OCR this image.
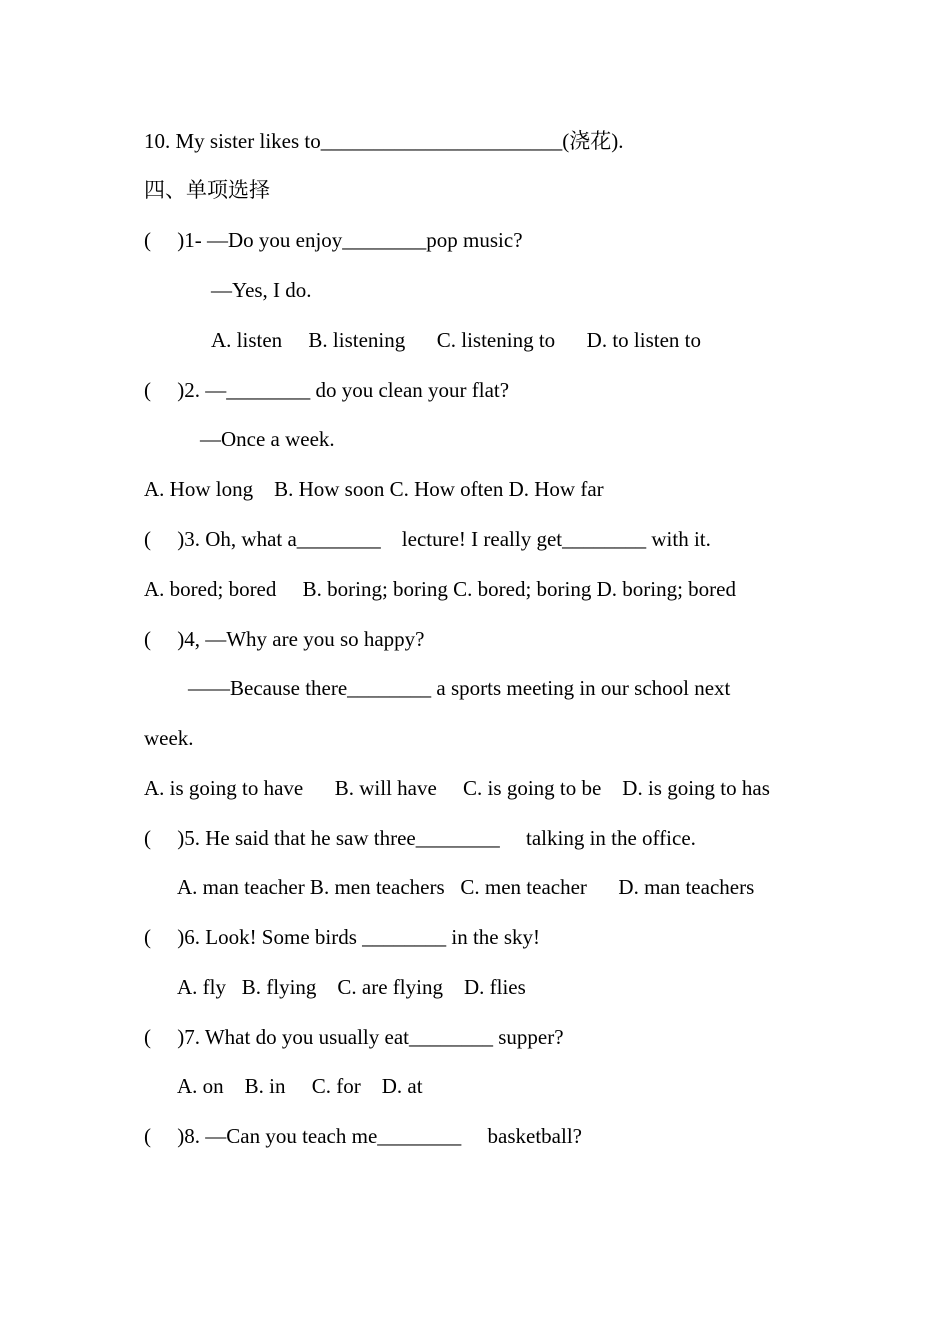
10. My sister likes to_______________________(浇花).
四、单项选择
(     )1- —Do you enjoy________pop music?
—Yes, I do.
A. listen     B. listening      C. listening to      D. to listen to
(     )2. —________ do you clean your flat?
—Once a week.
A. How long    B. How soon C. How often D. How far
(     )3. Oh, what a________    lecture! I really get________ with it.
A. bored; bored     B. boring; boring C. bored; boring D. boring; bored
(     )4, —Why are you so happy?
——Because there________ a sports meeting in our school next
week.
A. is going to have      B. will have     C. is going to be    D. is going to has
(     )5. He said that he saw three________     talking in the office.
A. man teacher B. men teachers   C. men teacher      D. man teachers
(     )6. Look! Some birds ________ in the sky!
A. fly   B. flying    C. are flying    D. flies
(     )7. What do you usually eat________ supper?
A. on    B. in     C. for    D. at
(     )8. —Can you teach me________     basketball?
